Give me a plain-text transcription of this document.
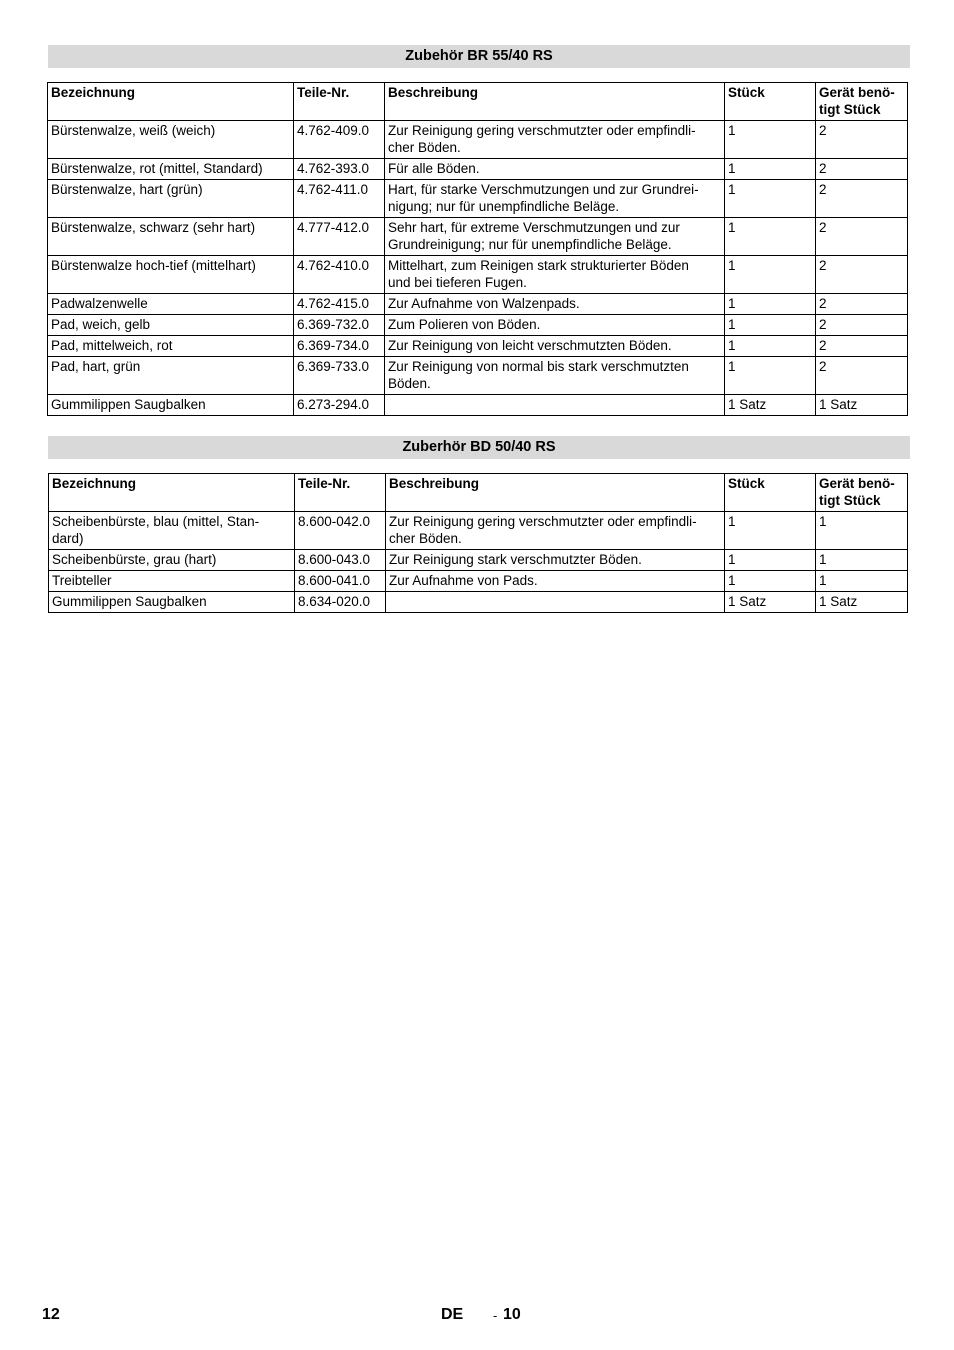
Zubehör BR 55/40 RS
Bezeichnung	Teile-Nr.	Beschreibung	Stück	Gerät benö-
tigt Stück
Bürstenwalze, weiß (weich)	4.762-409.0	Zur Reinigung gering verschmutzter oder empfindli-
cher Böden.	1	2
Bürstenwalze, rot (mittel, Standard)	4.762-393.0	Für alle Böden.	1	2
Bürstenwalze, hart (grün)	4.762-411.0	Hart, für starke Verschmutzungen und zur Grundrei-
nigung; nur für unempfindliche Beläge.	1	2
Bürstenwalze, schwarz (sehr hart)	4.777-412.0	Sehr hart, für extreme Verschmutzungen und zur
Grundreinigung; nur für unempfindliche Beläge.	1	2
Bürstenwalze hoch-tief (mittelhart)	4.762-410.0	Mittelhart, zum Reinigen stark strukturierter Böden
und bei tieferen Fugen.	1	2
Padwalzenwelle	4.762-415.0	Zur Aufnahme von Walzenpads.	1	2
Pad, weich, gelb	6.369-732.0	Zum Polieren von Böden.	1	2
Pad, mittelweich, rot	6.369-734.0	Zur Reinigung von leicht verschmutzten Böden.	1	2
Pad, hart, grün	6.369-733.0	Zur Reinigung von normal bis stark verschmutzten
Böden.	1	2
Gummilippen Saugbalken	6.273-294.0		1 Satz	1 Satz
Zuberhör BD 50/40 RS
Bezeichnung	Teile-Nr.	Beschreibung	Stück	Gerät benö-
tigt Stück
Scheibenbürste, blau (mittel, Stan-
dard)	8.600-042.0	Zur Reinigung gering verschmutzter oder empfindli-
cher Böden.	1	1
Scheibenbürste, grau (hart)	8.600-043.0	Zur Reinigung stark verschmutzter Böden.	1	1
Treibteller	8.600-041.0	Zur Aufnahme von Pads.	1	1
Gummilippen Saugbalken	8.634-020.0		1 Satz	1 Satz
12	DE - 10
